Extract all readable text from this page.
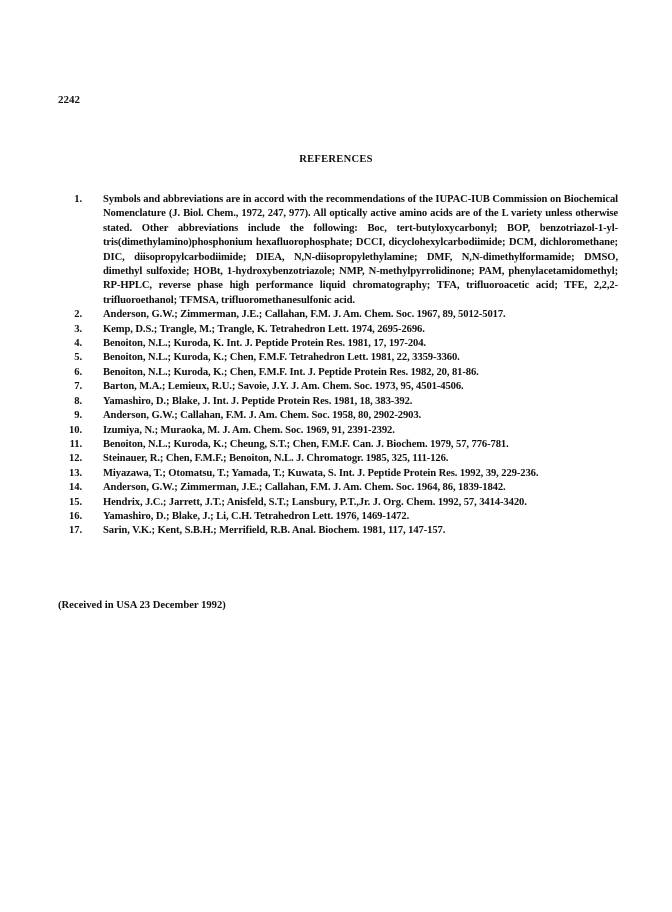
2242
REFERENCES
1. Symbols and abbreviations are in accord with the recommendations of the IUPAC-IUB Commission on Biochemical Nomenclature (J. Biol. Chem., 1972, 247, 977). All optically active amino acids are of the L variety unless otherwise stated. Other abbreviations include the following: Boc, tert-butyloxycarbonyl; BOP, benzotriazol-1-yl-tris(dimethylamino)phosphonium hexafluorophosphate; DCCI, dicyclohexylcarbodiimide; DCM, dichloromethane; DIC, diisopropylcarbodiimide; DIEA, N,N-diisopropylethylamine; DMF, N,N-dimethylformamide; DMSO, dimethyl sulfoxide; HOBt, 1-hydroxybenzotriazole; NMP, N-methylpyrrolidinone; PAM, phenylacetamidomethyl; RP-HPLC, reverse phase high performance liquid chromatography; TFA, trifluoroacetic acid; TFE, 2,2,2-trifluoroethanol; TFMSA, trifluoromethanesulfonic acid.
2. Anderson, G.W.; Zimmerman, J.E.; Callahan, F.M. J. Am. Chem. Soc. 1967, 89, 5012-5017.
3. Kemp, D.S.; Trangle, M.; Trangle, K. Tetrahedron Lett. 1974, 2695-2696.
4. Benoiton, N.L.; Kuroda, K. Int. J. Peptide Protein Res. 1981, 17, 197-204.
5. Benoiton, N.L.; Kuroda, K.; Chen, F.M.F. Tetrahedron Lett. 1981, 22, 3359-3360.
6. Benoiton, N.L.; Kuroda, K.; Chen, F.M.F. Int. J. Peptide Protein Res. 1982, 20, 81-86.
7. Barton, M.A.; Lemieux, R.U.; Savoie, J.Y. J. Am. Chem. Soc. 1973, 95, 4501-4506.
8. Yamashiro, D.; Blake, J. Int. J. Peptide Protein Res. 1981, 18, 383-392.
9. Anderson, G.W.; Callahan, F.M. J. Am. Chem. Soc. 1958, 80, 2902-2903.
10. Izumiya, N.; Muraoka, M. J. Am. Chem. Soc. 1969, 91, 2391-2392.
11. Benoiton, N.L.; Kuroda, K.; Cheung, S.T.; Chen, F.M.F. Can. J. Biochem. 1979, 57, 776-781.
12. Steinauer, R.; Chen, F.M.F.; Benoiton, N.L. J. Chromatogr. 1985, 325, 111-126.
13. Miyazawa, T.; Otomatsu, T.; Yamada, T.; Kuwata, S. Int. J. Peptide Protein Res. 1992, 39, 229-236.
14. Anderson, G.W.; Zimmerman, J.E.; Callahan, F.M. J. Am. Chem. Soc. 1964, 86, 1839-1842.
15. Hendrix, J.C.; Jarrett, J.T.; Anisfeld, S.T.; Lansbury, P.T.,Jr. J. Org. Chem. 1992, 57, 3414-3420.
16. Yamashiro, D.; Blake, J.; Li, C.H. Tetrahedron Lett. 1976, 1469-1472.
17. Sarin, V.K.; Kent, S.B.H.; Merrifield, R.B. Anal. Biochem. 1981, 117, 147-157.
(Received in USA 23 December 1992)
